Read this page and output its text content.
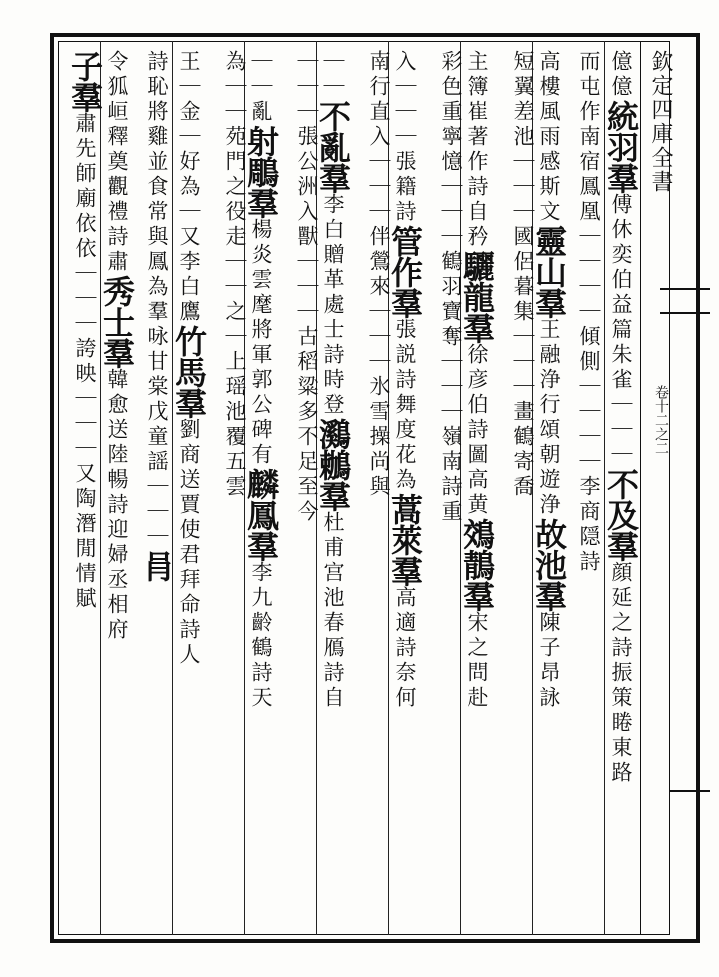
欽定四庫全書
卷十二之二
億億統羽羣傅休奕伯益篇朱雀｜｜｜不及羣顔延之詩振策睠東路
而屯作南宿鳳凰｜｜｜｜傾側｜｜｜｜李商隠詩
高樓風雨感斯文靈山羣王融浄行頌朝遊浄故池羣陳子昂詠
短翼差池｜｜｜國侶暮集｜｜｜畫鶴寄喬
主簿崔著作詩自矜驪龍羣徐彦伯詩圖高黄鵁鶄羣宋之問赴
彩色重寧憶｜｜｜鶴羽寶奪｜｜｜嶺南詩重
入｜｜｜張籍詩管作羣張説詩舞度花為蒿萊羣高適詩奈何
南行直入｜｜｜伴鶯來｜｜｜氷雪操尚與
｜｜不亂羣李白贈革處士詩時登鸂鶒羣杜甫宫池春鴈詩自
｜｜｜張公洲入獸｜｜｜古稻粱多不足至今
｜｜亂射鵰羣楊炎雲麾將軍郭公碑有麟鳳羣李九齡鶴詩天
為｜｜苑門之役走｜｜之｜上瑶池覆五雲
王｜金｜好為｜又李白鷹竹馬羣劉商送賈使君拜命詩人
詩恥將雞並食常與鳳為羣咏甘棠戊童謡｜｜｜肙
令狐峘釋奠觀禮詩肅秀士羣韓愈送陸暢詩迎婦丞相府
子羣肅先師廟依依｜｜｜誇映｜｜｜又陶潛閒情賦
